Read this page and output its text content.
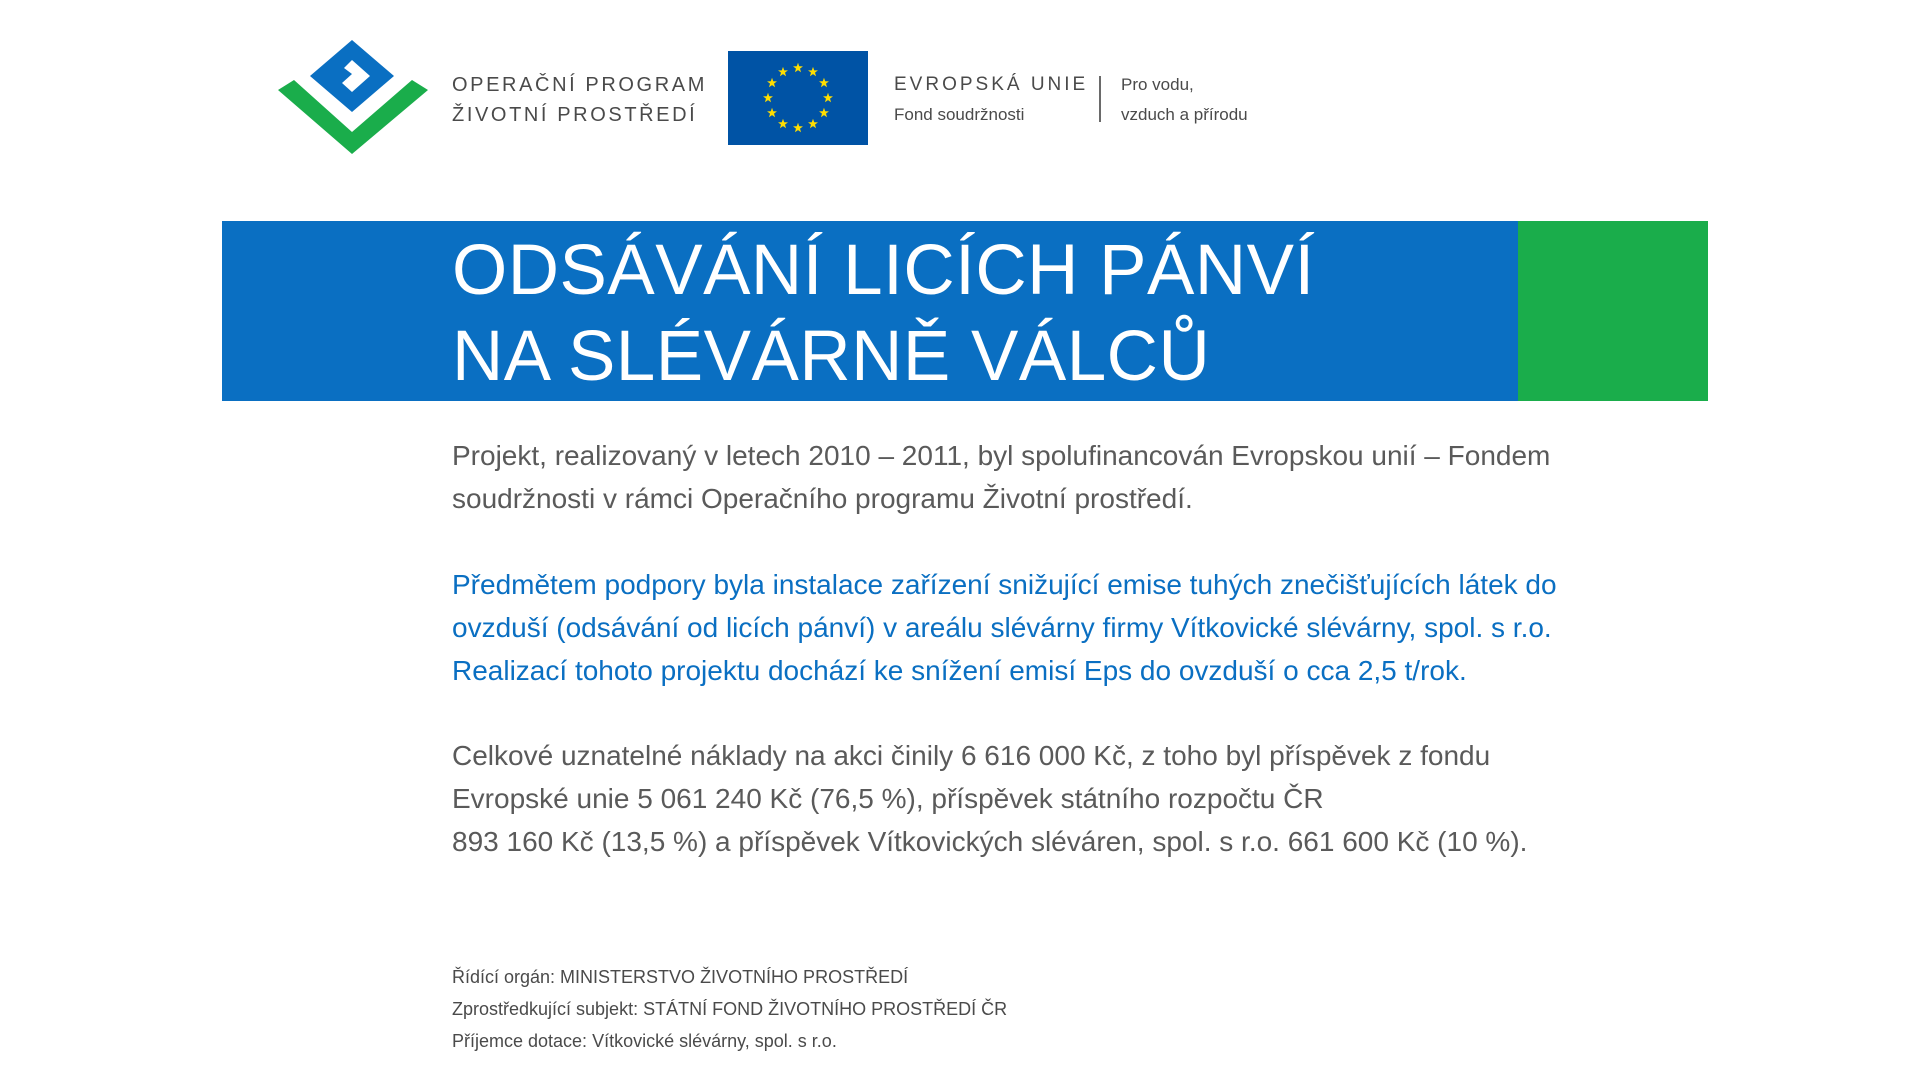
OPERAČNÍ PROGRAM
ŽIVOTNÍ PROSTŘEDÍ
EVROPSKÁ UNIE
Fond soudržnosti
Pro vodu,
vzduch a přírodu
ODSÁVÁNÍ LICÍCH PÁNVÍ
NA SLÉVÁRNĚ VÁLCŮ
Projekt, realizovaný v letech 2010 – 2011, byl spolufinancován Evropskou unií – Fondem
soudržnosti v rámci Operačního programu Životní prostředí.
Předmětem podpory byla instalace zařízení snižující emise tuhých znečišťujících látek do
ovzduší (odsávání od licích pánví) v areálu slévárny firmy Vítkovické slévárny, spol. s r.o.
Realizací tohoto projektu dochází ke snížení emisí Eps do ovzduší o cca 2,5 t/rok.
Celkové uznatelné náklady na akci činily 6 616 000 Kč, z toho byl příspěvek z fondu
Evropské unie 5 061 240 Kč (76,5 %), příspěvek státního rozpočtu ČR
893 160 Kč (13,5 %) a příspěvek Vítkovických sléváren, spol. s r.o. 661 600 Kč (10 %).
Řídící orgán: MINISTERSTVO ŽIVOTNÍHO PROSTŘEDÍ
Zprostředkující subjekt: STÁTNÍ FOND ŽIVOTNÍHO PROSTŘEDÍ ČR
Příjemce dotace: Vítkovické slévárny, spol. s r.o.
